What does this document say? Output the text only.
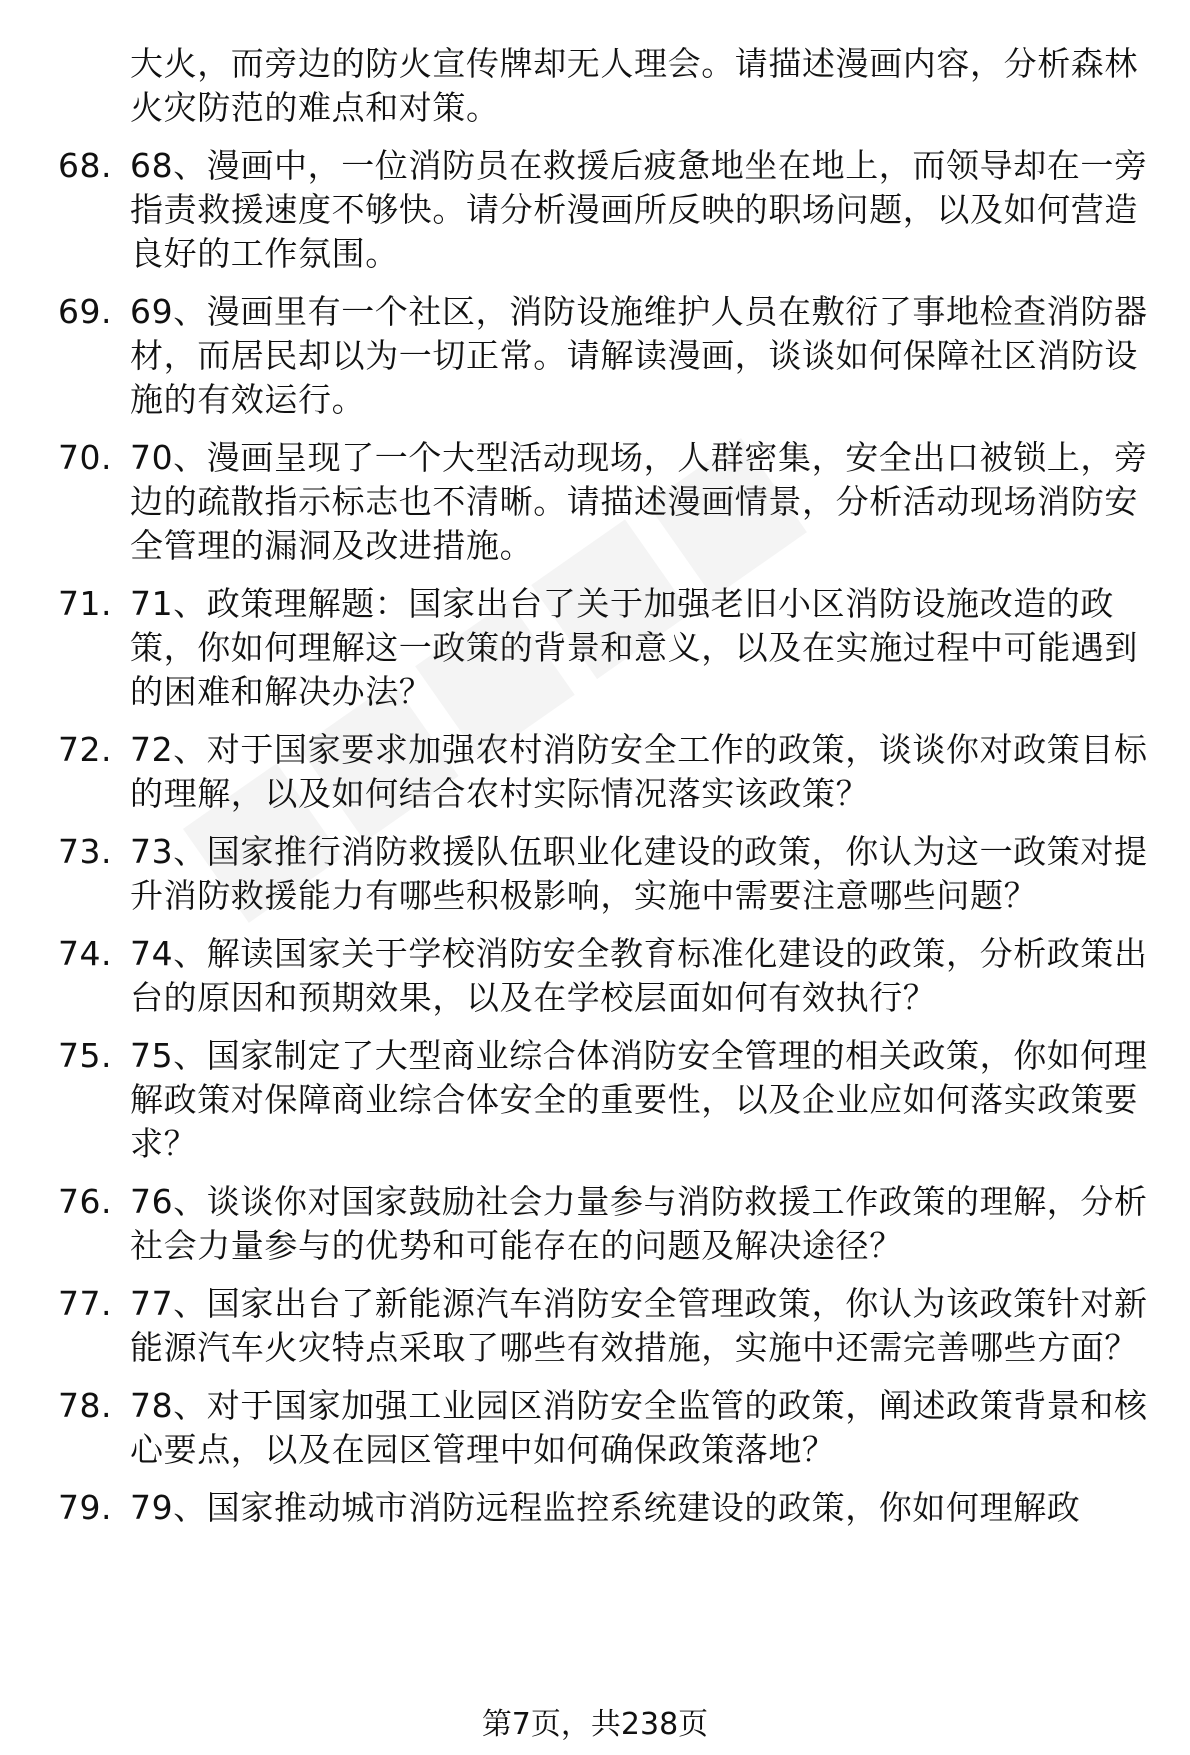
大火，而旁边的防火宣传牌却无人理会。请描述漫画内容，分析森林火灾防范的难点和对策。
68. 68、漫画中，一位消防员在救援后疲惫地坐在地上，而领导却在一旁指责救援速度不够快。请分析漫画所反映的职场问题，以及如何营造良好的工作氛围。
69. 69、漫画里有一个社区，消防设施维护人员在敷衍了事地检查消防器材，而居民却以为一切正常。请解读漫画，谈谈如何保障社区消防设施的有效运行。
70. 70、漫画呈现了一个大型活动现场，人群密集，安全出口被锁上，旁边的疏散指示标志也不清晰。请描述漫画情景，分析活动现场消防安全管理的漏洞及改进措施。
71. 71、政策理解题：国家出台了关于加强老旧小区消防设施改造的政策，你如何理解这一政策的背景和意义，以及在实施过程中可能遇到的困难和解决办法？
72. 72、对于国家要求加强农村消防安全工作的政策，谈谈你对政策目标的理解，以及如何结合农村实际情况落实该政策？
73. 73、国家推行消防救援队伍职业化建设的政策，你认为这一政策对提升消防救援能力有哪些积极影响，实施中需要注意哪些问题？
74. 74、解读国家关于学校消防安全教育标准化建设的政策，分析政策出台的原因和预期效果，以及在学校层面如何有效执行？
75. 75、国家制定了大型商业综合体消防安全管理的相关政策，你如何理解政策对保障商业综合体安全的重要性，以及企业应如何落实政策要求？
76. 76、谈谈你对国家鼓励社会力量参与消防救援工作政策的理解，分析社会力量参与的优势和可能存在的问题及解决途径？
77. 77、国家出台了新能源汽车消防安全管理政策，你认为该政策针对新能源汽车火灾特点采取了哪些有效措施，实施中还需完善哪些方面？
78. 78、对于国家加强工业园区消防安全监管的政策，阐述政策背景和核心要点，以及在园区管理中如何确保政策落地？
79. 79、国家推动城市消防远程监控系统建设的政策，你如何理解政
第7页，共238页
